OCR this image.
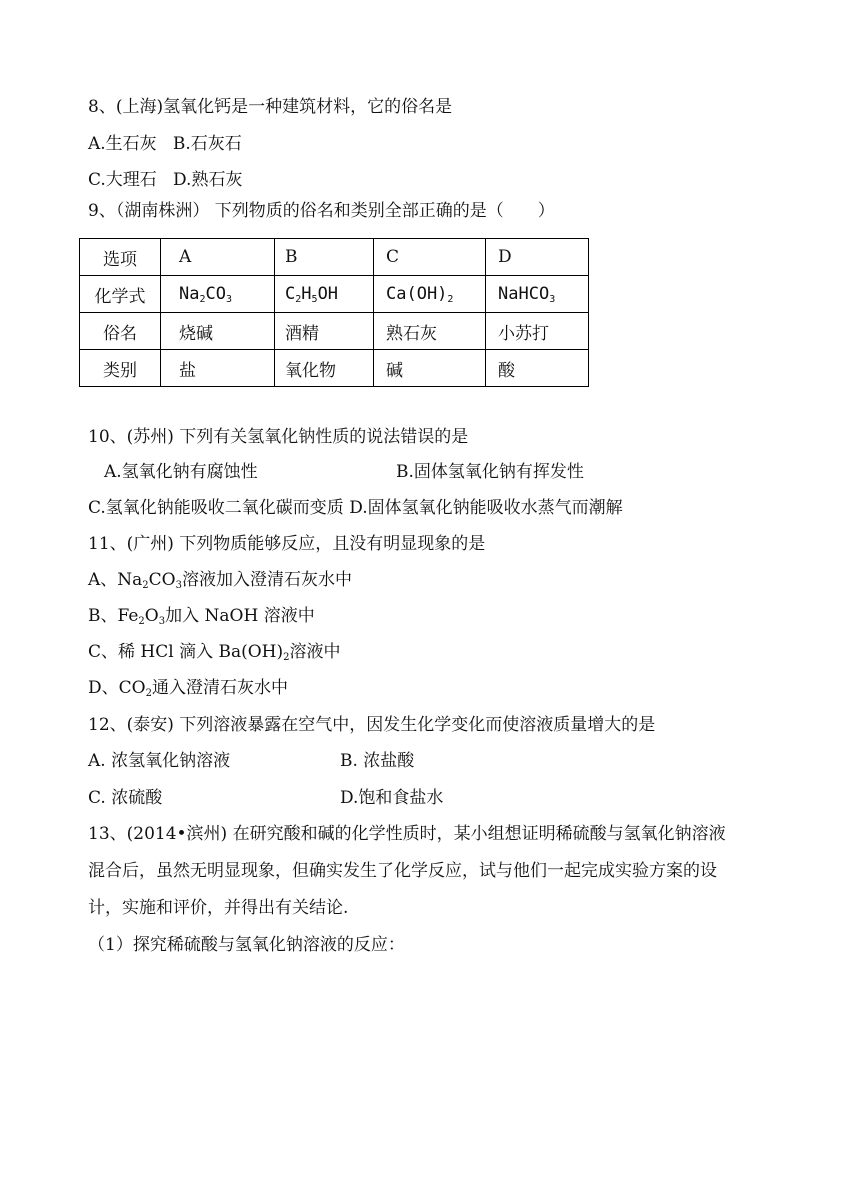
8、(上海)氢氧化钙是一种建筑材料，它的俗名是
A.生石灰 B.石灰石
C.大理石 D.熟石灰
9、（湖南株洲） 下列物质的俗名和类别全部正确的是（　　）
选项	A	B	C	D
化学式	$Na_2CO_3$	$C_2H_5OH$	$Ca(OH)_2$	NaHCO$_3$
俗名	烧碱	酒精	熟石灰	小苏打
类别	盐	氧化物	碱	酸
10、(苏州) 下列有关氢氧化钠性质的说法错误的是
A.氢氧化钠有腐蚀性	B.固体氢氧化钠有挥发性
C.氢氧化钠能吸收二氧化碳而变质 D.固体氢氧化钠能吸收水蒸气而潮解
11、(广州) 下列物质能够反应，且没有明显现象的是
A、$Na_2CO_3$溶液加入澄清石灰水中
B、$Fe_2O_3$加入 NaOH 溶液中
C、稀 HCl 滴入 $Ba(OH)_2$溶液中
D、$CO_2$通入澄清石灰水中
12、(泰安) 下列溶液暴露在空气中，因发生化学变化而使溶液质量增大的是
A. 浓氢氧化钠溶液	B. 浓盐酸
C. 浓硫酸	D.饱和食盐水
13、(2014•滨州) 在研究酸和碱的化学性质时，某小组想证明稀硫酸与氢氧化钠溶液
混合后，虽然无明显现象，但确实发生了化学反应，试与他们一起完成实验方案的设
计，实施和评价，并得出有关结论.
（1）探究稀硫酸与氢氧化钠溶液的反应：
